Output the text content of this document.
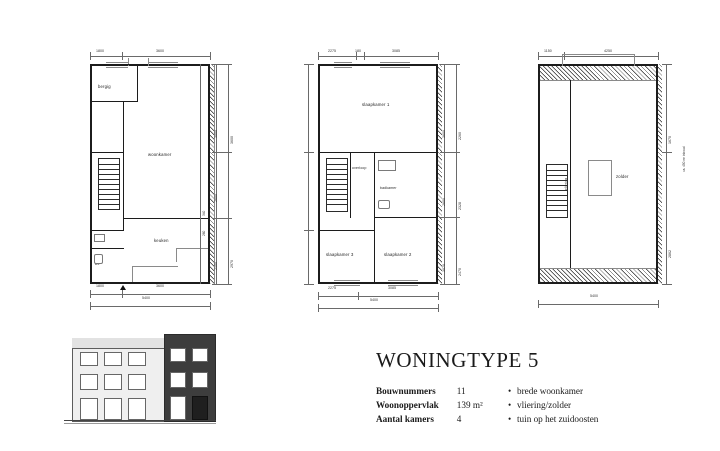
1800	3600
bergig
woonkamer
keuken
wc
1800	3600
5400
3000
2600
2150
3600
2970
260
340
2275	180	3085
slaapkamer 1
overloop
badkamer
slaapkamer 2
slaapkamer 3
2275	3085
5400
3600
2600
3070
2260
2328
2470
1150	4250
vliering
zolder
5400
1670
2862
ca. 450 m³ inhoud
WONINGTYPE 5
Bouwnummers	11
Woonoppervlak	139 m²
Aantal kamers	4
• brede woonkamer
• vliering/zolder
• tuin op het zuidoosten
